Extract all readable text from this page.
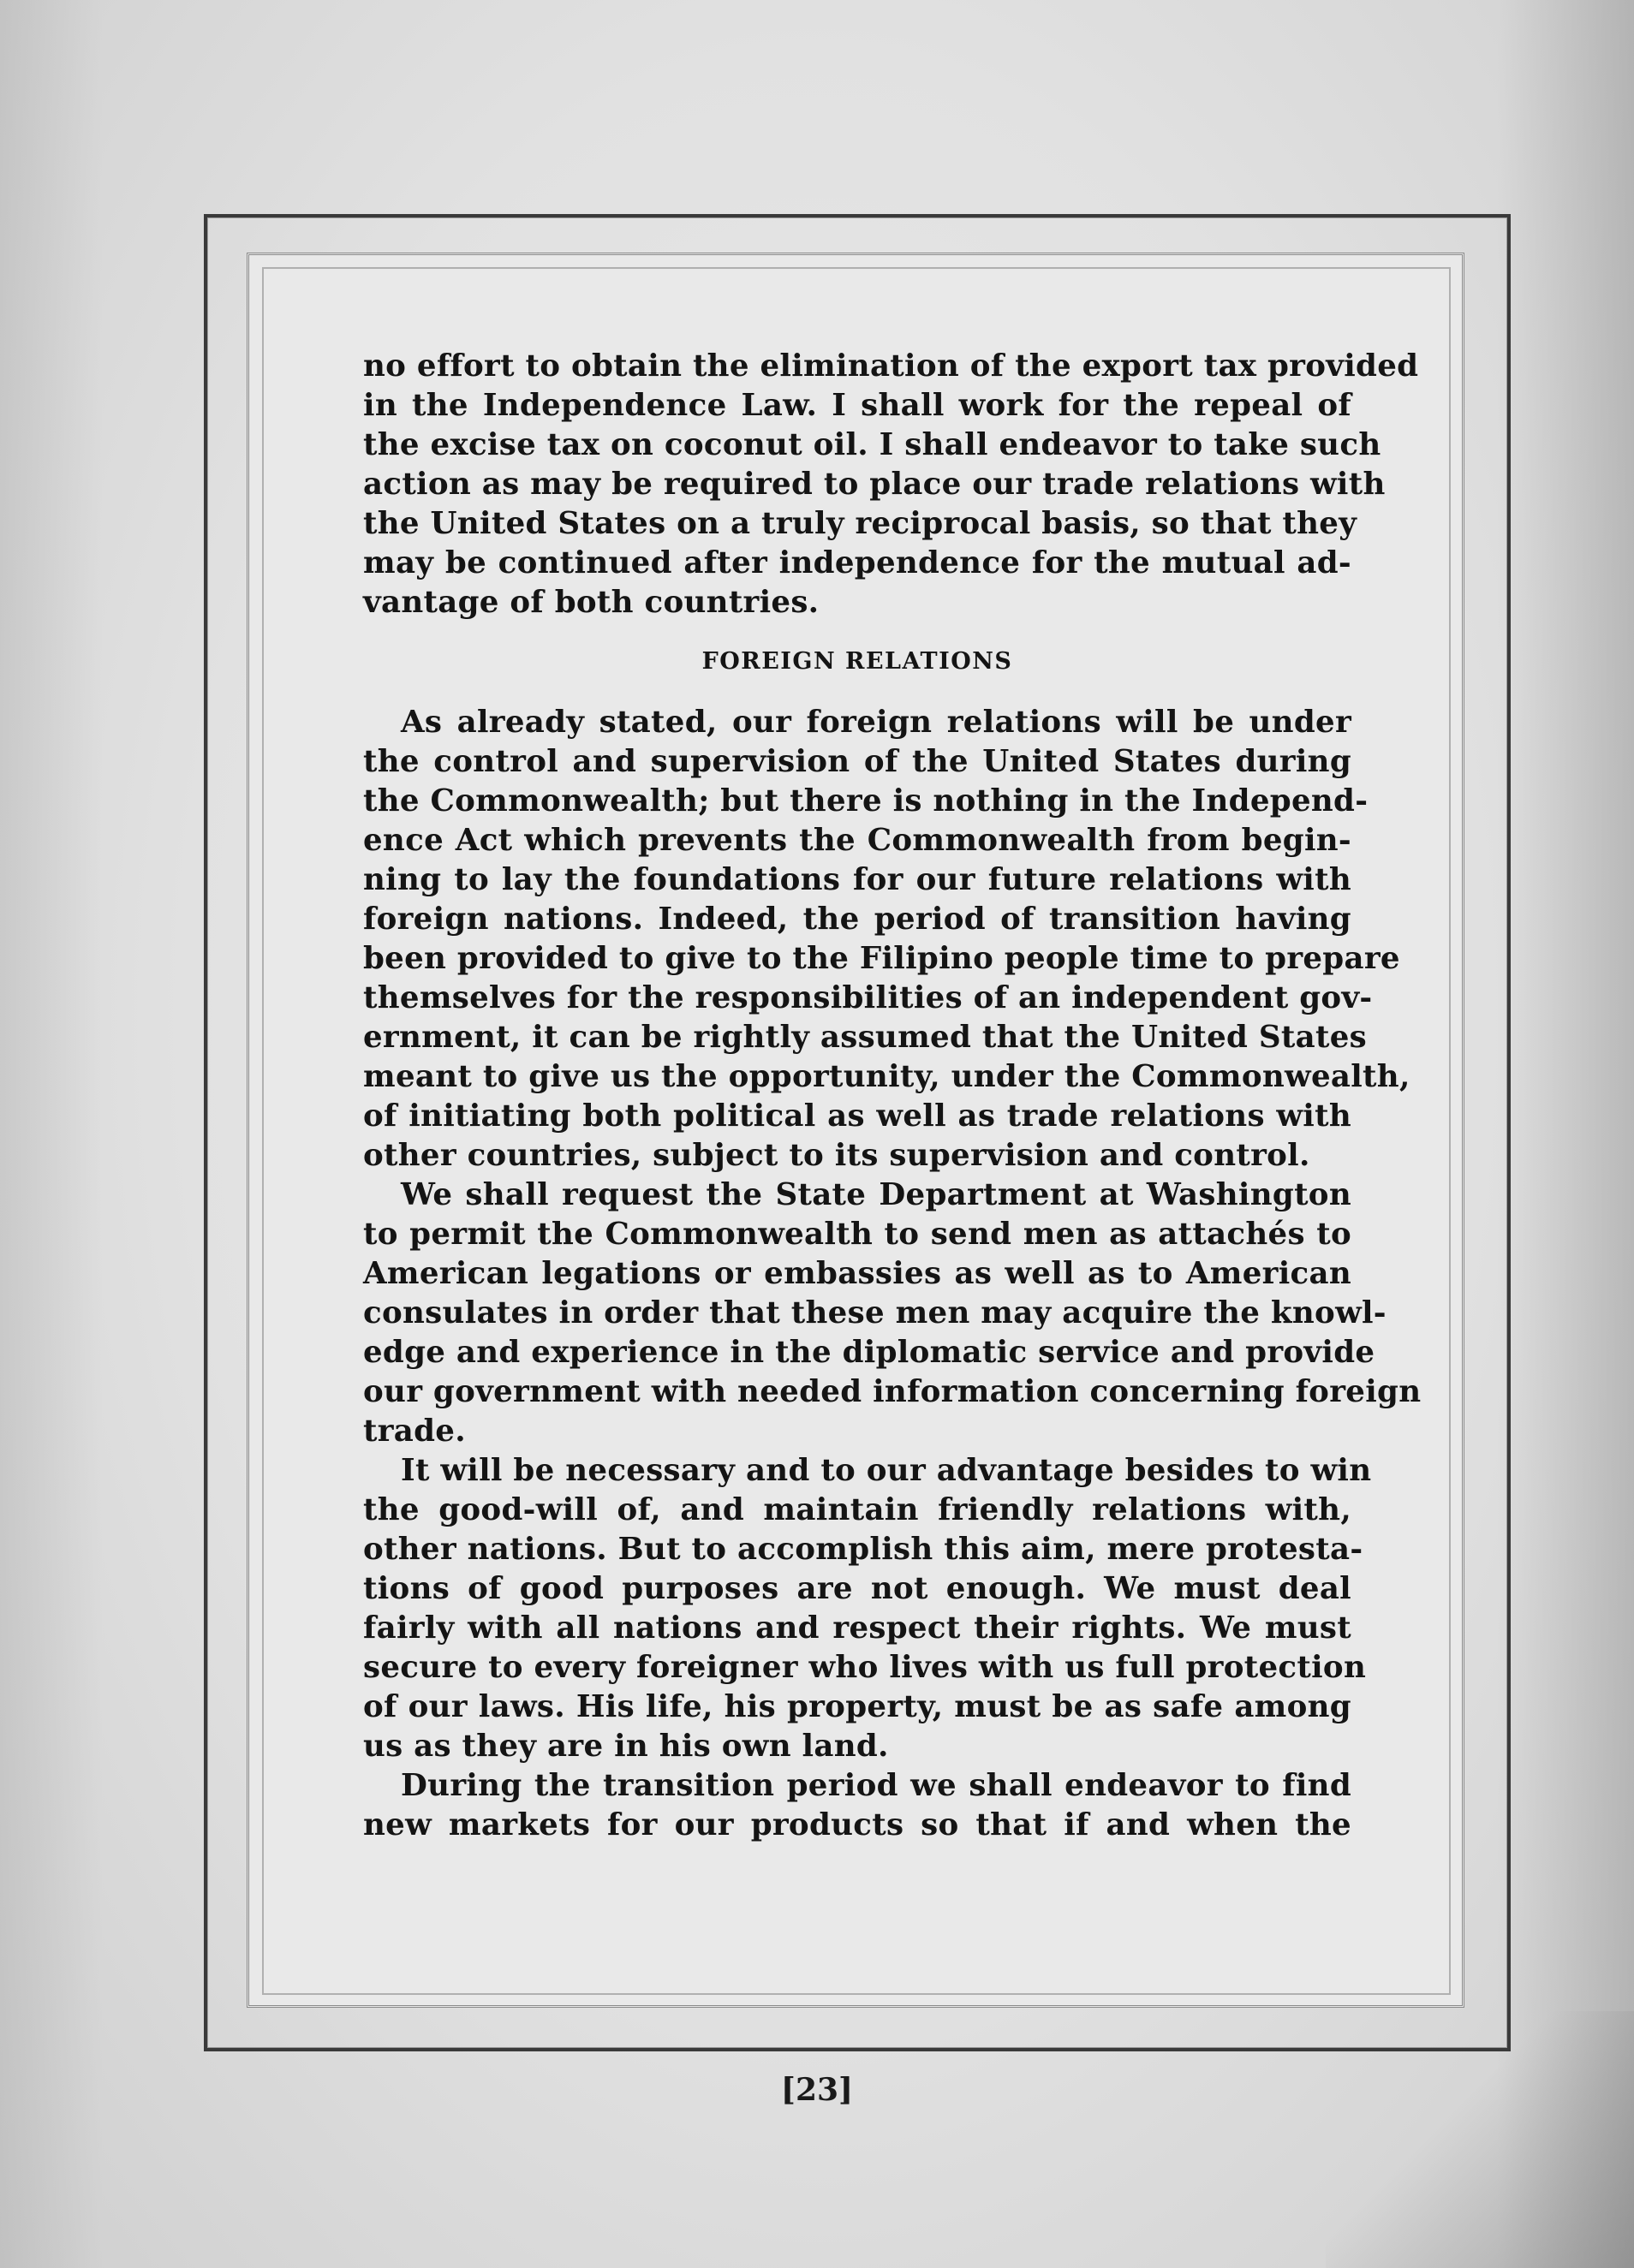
no effort to obtain the elimination of the export tax provided
in the Independence Law. I shall work for the repeal of
the excise tax on coconut oil. I shall endeavor to take such
action as may be required to place our trade relations with
the United States on a truly reciprocal basis, so that they
may be continued after independence for the mutual ad-
vantage of both countries.
FOREIGN RELATIONS
As already stated, our foreign relations will be under
the control and supervision of the United States during
the Commonwealth; but there is nothing in the Independ-
ence Act which prevents the Commonwealth from begin-
ning to lay the foundations for our future relations with
foreign nations. Indeed, the period of transition having
been provided to give to the Filipino people time to prepare
themselves for the responsibilities of an independent gov-
ernment, it can be rightly assumed that the United States
meant to give us the opportunity, under the Commonwealth,
of initiating both political as well as trade relations with
other countries, subject to its supervision and control.
We shall request the State Department at Washington
to permit the Commonwealth to send men as attachés to
American legations or embassies as well as to American
consulates in order that these men may acquire the knowl-
edge and experience in the diplomatic service and provide
our government with needed information concerning foreign
trade.
It will be necessary and to our advantage besides to win
the good-will of, and maintain friendly relations with,
other nations. But to accomplish this aim, mere protesta-
tions of good purposes are not enough. We must deal
fairly with all nations and respect their rights. We must
secure to every foreigner who lives with us full protection
of our laws. His life, his property, must be as safe among
us as they are in his own land.
During the transition period we shall endeavor to find
new markets for our products so that if and when the
[23]
